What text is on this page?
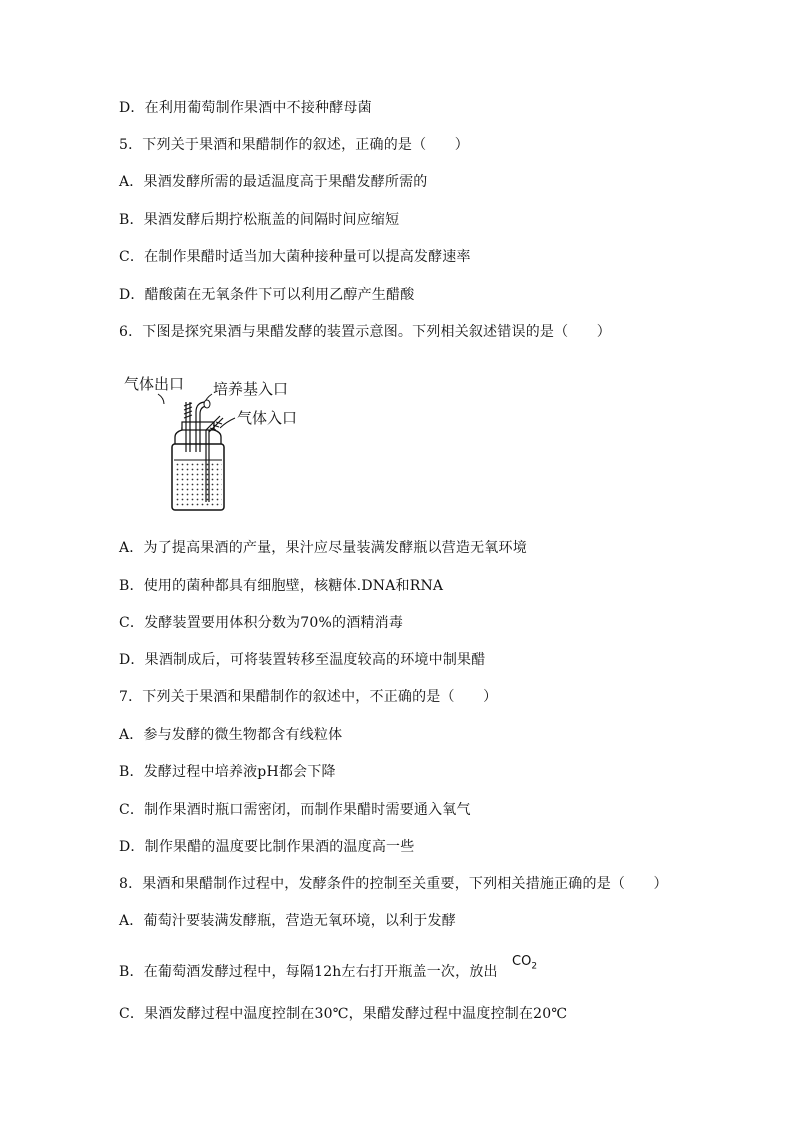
D．在利用葡萄制作果酒中不接种酵母菌
5．下列关于果酒和果醋制作的叙述，正确的是（　　）
A．果酒发酵所需的最适温度高于果醋发酵所需的
B．果酒发酵后期拧松瓶盖的间隔时间应缩短
C．在制作果醋时适当加大菌种接种量可以提高发酵速率
D．醋酸菌在无氧条件下可以利用乙醇产生醋酸
6．下图是探究果酒与果醋发酵的装置示意图。下列相关叙述错误的是（　　）
气体出口 培养基入口
气体入口
A．为了提高果酒的产量，果汁应尽量装满发酵瓶以营造无氧环境
B．使用的菌种都具有细胞壁，核糖体.DNA和RNA
C．发酵装置要用体积分数为70%的酒精消毒
D．果酒制成后，可将装置转移至温度较高的环境中制果醋
7．下列关于果酒和果醋制作的叙述中，不正确的是（　　）
A．参与发酵的微生物都含有线粒体
B．发酵过程中培养液pH都会下降
C．制作果酒时瓶口需密闭，而制作果醋时需要通入氧气
D．制作果醋的温度要比制作果酒的温度高一些
8．果酒和果醋制作过程中，发酵条件的控制至关重要，下列相关措施正确的是（　　）
A．葡萄汁要装满发酵瓶，营造无氧环境，以利于发酵
B．在葡萄酒发酵过程中，每隔12h左右打开瓶盖一次，放出
$CO_2$
C．果酒发酵过程中温度控制在30℃，果醋发酵过程中温度控制在20℃
